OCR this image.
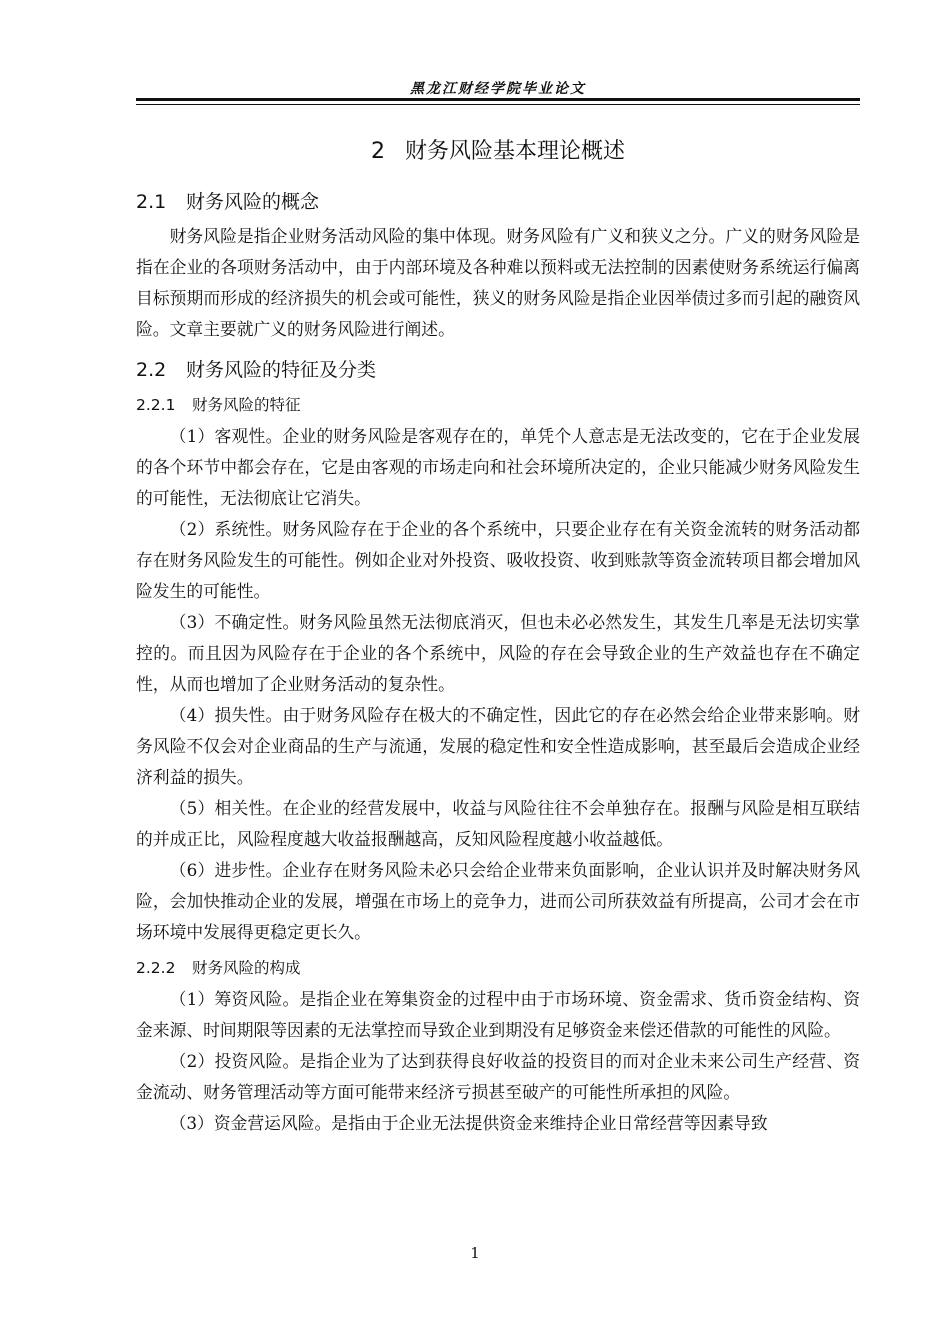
黑龙江财经学院毕业论文
2 财务风险基本理论概述
2.1 财务风险的概念

财务风险是指企业财务活动风险的集中体现。财务风险有广义和狭义之分。广义的财务风险是指在企业的各项财务活动中，由于内部环境及各种难以预料或无法控制的因素使财务系统运行偏离目标预期而形成的经济损失的机会或可能性，狭义的财务风险是指企业因举债过多而引起的融资风险。文章主要就广义的财务风险进行阐述。

2.2 财务风险的特征及分类
2.2.1 财务风险的特征

（1）客观性。企业的财务风险是客观存在的，单凭个人意志是无法改变的，它在于企业发展的各个环节中都会存在，它是由客观的市场走向和社会环境所决定的，企业只能减少财务风险发生的可能性，无法彻底让它消失。

（2）系统性。财务风险存在于企业的各个系统中，只要企业存在有关资金流转的财务活动都存在财务风险发生的可能性。例如企业对外投资、吸收投资、收到账款等资金流转项目都会增加风险发生的可能性。

（3）不确定性。财务风险虽然无法彻底消灭，但也未必必然发生，其发生几率是无法切实掌控的。而且因为风险存在于企业的各个系统中，风险的存在会导致企业的生产效益也存在不确定性，从而也增加了企业财务活动的复杂性。

（4）损失性。由于财务风险存在极大的不确定性，因此它的存在必然会给企业带来影响。财务风险不仅会对企业商品的生产与流通，发展的稳定性和安全性造成影响，甚至最后会造成企业经济利益的损失。

（5）相关性。在企业的经营发展中，收益与风险往往不会单独存在。报酬与风险是相互联结的并成正比，风险程度越大收益报酬越高，反知风险程度越小收益越低。

（6）进步性。企业存在财务风险未必只会给企业带来负面影响，企业认识并及时解决财务风险，会加快推动企业的发展，增强在市场上的竞争力，进而公司所获效益有所提高，公司才会在市场环境中发展得更稳定更长久。

2.2.2 财务风险的构成

（1）筹资风险。是指企业在筹集资金的过程中由于市场环境、资金需求、货币资金结构、资金来源、时间期限等因素的无法掌控而导致企业到期没有足够资金来偿还借款的可能性的风险。

（2）投资风险。是指企业为了达到获得良好收益的投资目的而对企业未来公司生产经营、资金流动、财务管理活动等方面可能带来经济亏损甚至破产的可能性所承担的风险。

（3）资金营运风险。是指由于企业无法提供资金来维持企业日常经营等因素导致

1
